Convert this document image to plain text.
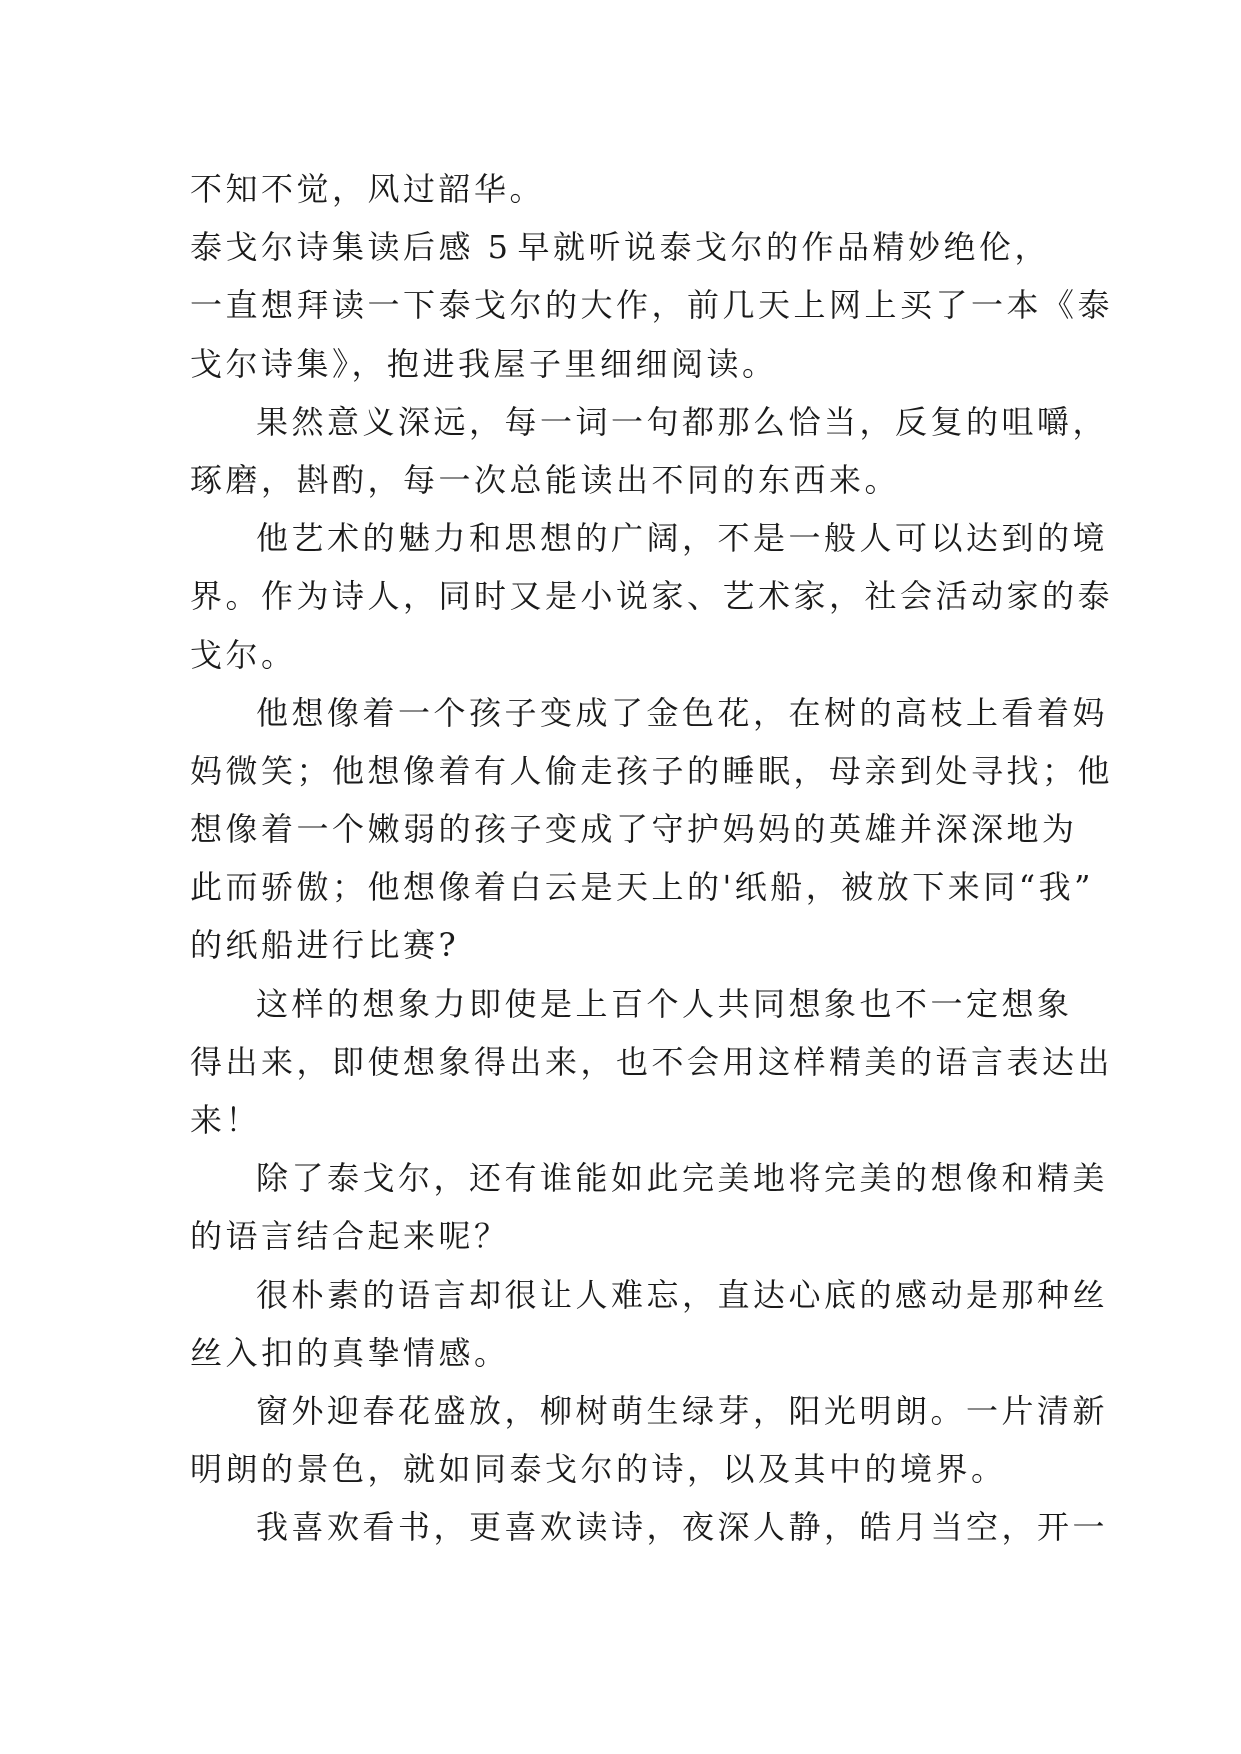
不知不觉，风过韶华。
泰戈尔诗集读后感 5 早就听说泰戈尔的作品精妙绝伦，
一直想拜读一下泰戈尔的大作，前几天上网上买了一本《泰
戈尔诗集》，抱进我屋子里细细阅读。
果然意义深远，每一词一句都那么恰当，反复的咀嚼，
琢磨，斟酌，每一次总能读出不同的东西来。
他艺术的魅力和思想的广阔，不是一般人可以达到的境
界。作为诗人，同时又是小说家、艺术家，社会活动家的泰
戈尔。
他想像着一个孩子变成了金色花，在树的高枝上看着妈
妈微笑；他想像着有人偷走孩子的睡眠，母亲到处寻找；他
想像着一个嫩弱的孩子变成了守护妈妈的英雄并深深地为
此而骄傲；他想像着白云是天上的'纸船，被放下来同“我”
的纸船进行比赛?
这样的想象力即使是上百个人共同想象也不一定想象
得出来，即使想象得出来，也不会用这样精美的语言表达出
来！
除了泰戈尔，还有谁能如此完美地将完美的想像和精美
的语言结合起来呢？
很朴素的语言却很让人难忘，直达心底的感动是那种丝
丝入扣的真挚情感。
窗外迎春花盛放，柳树萌生绿芽，阳光明朗。一片清新
明朗的景色，就如同泰戈尔的诗，以及其中的境界。
我喜欢看书，更喜欢读诗，夜深人静，皓月当空，开一
